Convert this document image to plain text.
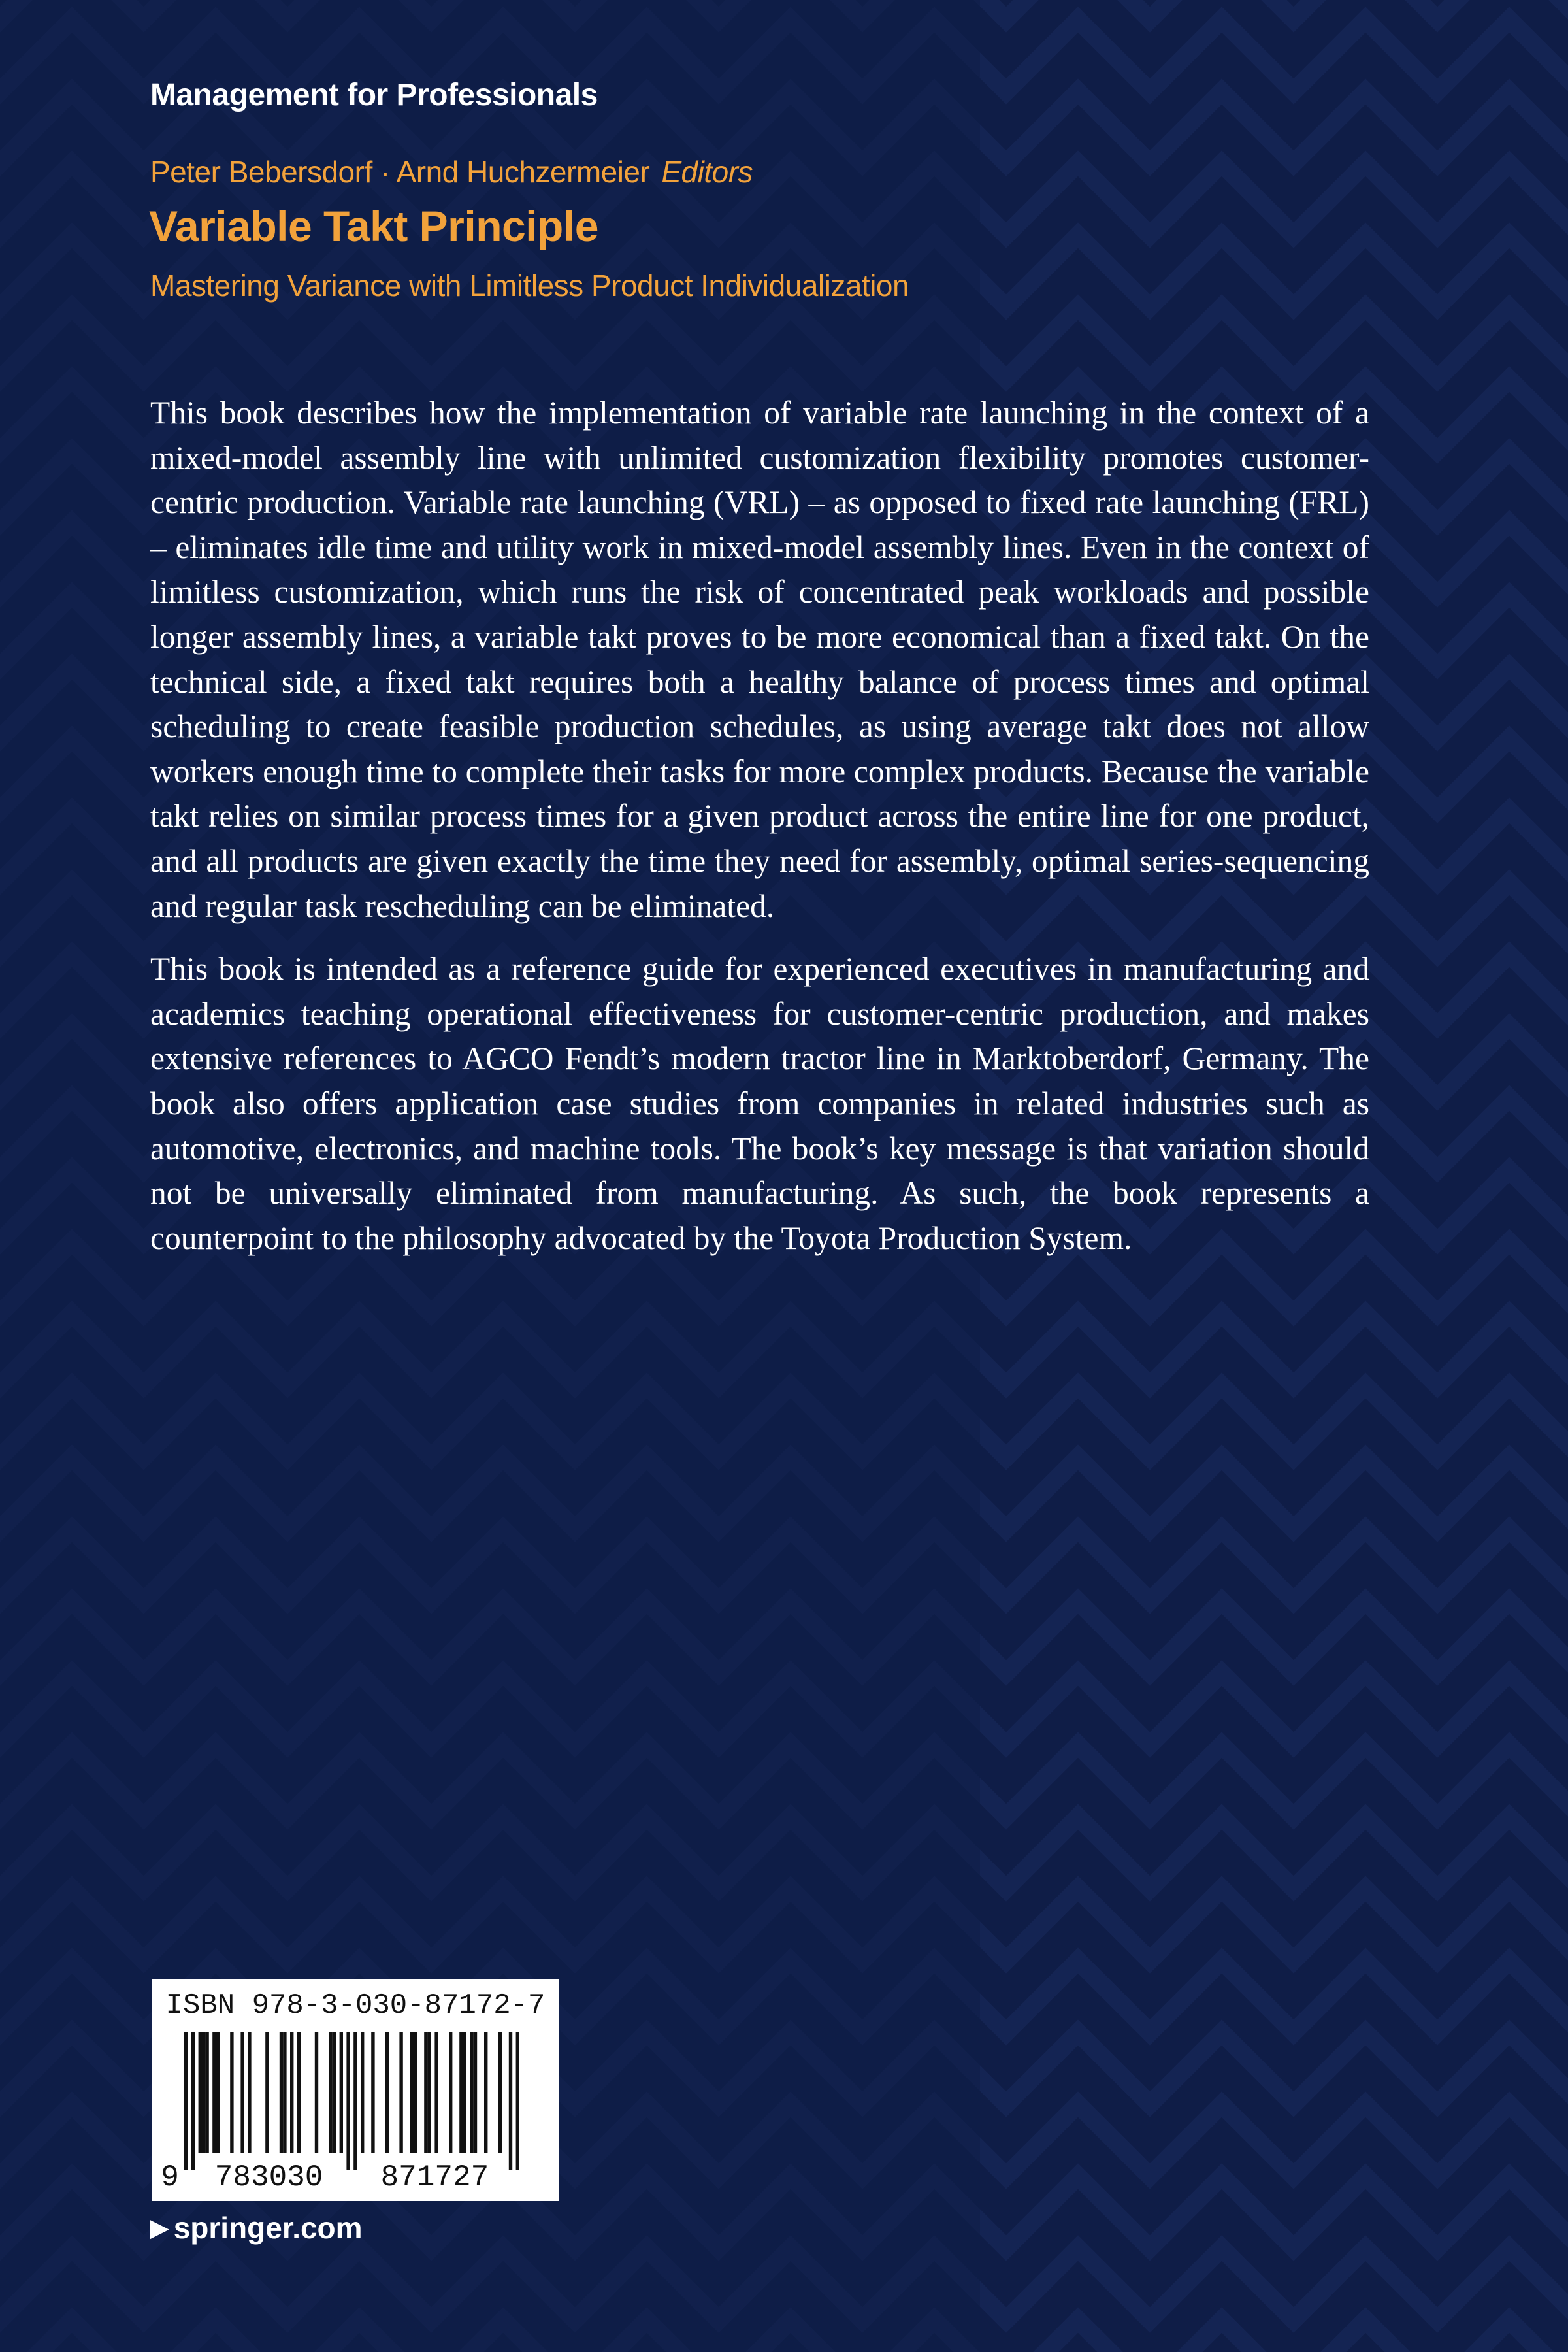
Management for Professionals
Peter Bebersdorf · Arnd Huchzermeier Editors
Variable Takt Principle
Mastering Variance with Limitless Product Individualization

This book describes how the implementation of variable rate launching in the context of a mixed-model assembly line with unlimited customization flexibility promotes customer-centric production. Variable rate launching (VRL) – as opposed to fixed rate launching (FRL) – eliminates idle time and utility work in mixed-model assembly lines. Even in the context of limitless customization, which runs the risk of concentrated peak workloads and possible longer assembly lines, a variable takt proves to be more economical than a fixed takt. On the technical side, a fixed takt requires both a healthy balance of process times and optimal scheduling to create feasible production schedules, as using average takt does not allow workers enough time to complete their tasks for more complex products. Because the variable takt relies on similar process times for a given product across the entire line for one product, and all products are given exactly the time they need for assembly, optimal series-sequencing and regular task rescheduling can be eliminated.

This book is intended as a reference guide for experienced executives in manufacturing and academics teaching operational effectiveness for customer-centric production, and makes extensive references to AGCO Fendt’s modern tractor line in Marktoberdorf, Germany. The book also offers application case studies from companies in related industries such as automotive, electronics, and machine tools. The book’s key message is that variation should not be universally eliminated from manufacturing. As such, the book represents a counterpoint to the philosophy advocated by the Toyota Production System.

ISBN 978-3-030-87172-7
9 783030 871727
▶ springer.com
